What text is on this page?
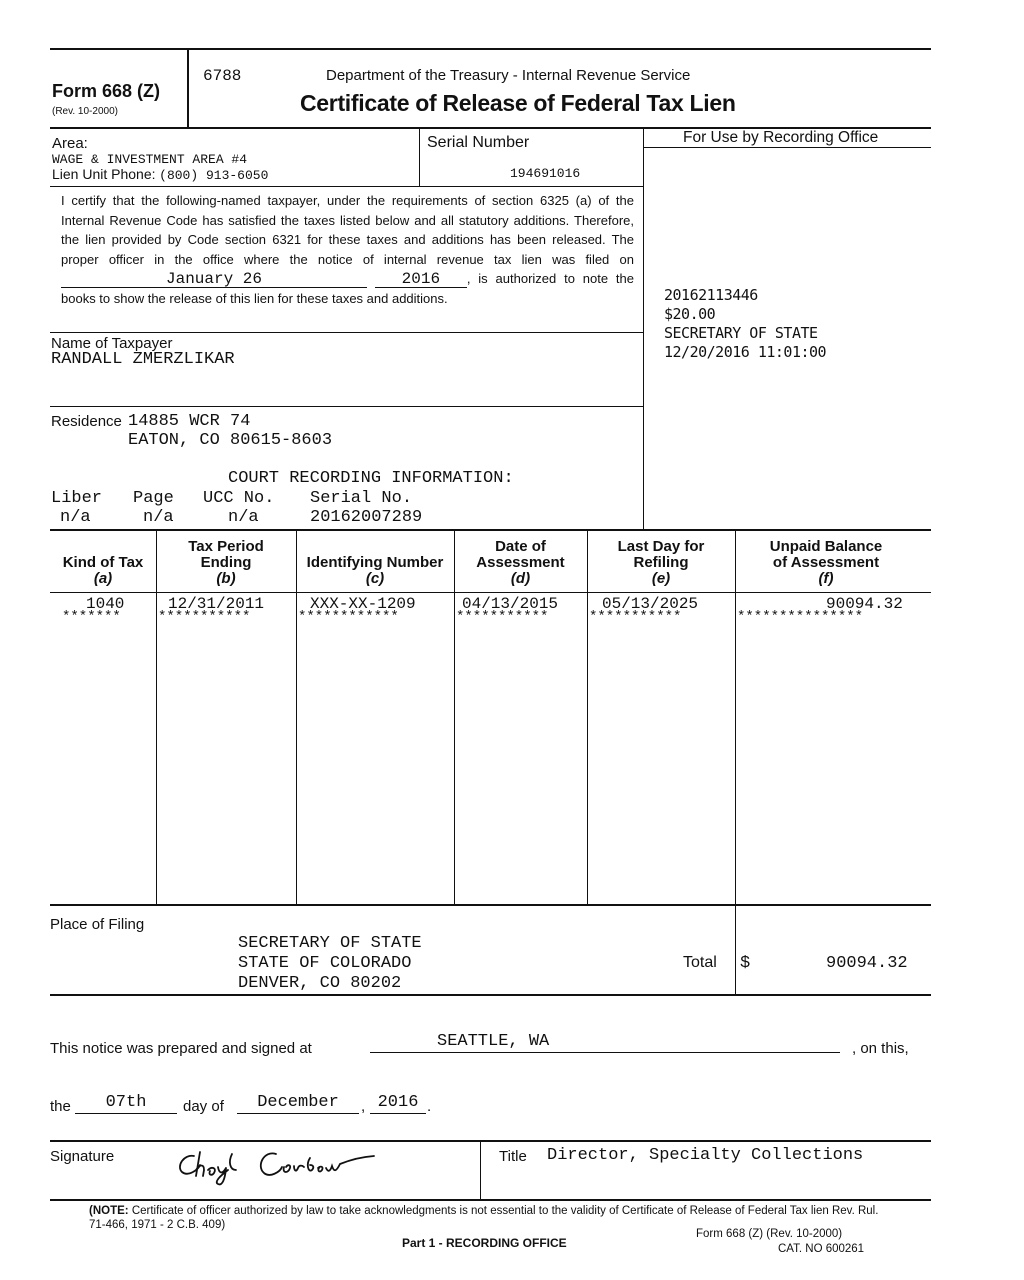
Form 668 (Z)
(Rev. 10-2000)
6788	Department of the Treasury - Internal Revenue Service
Certificate of Release of Federal Tax Lien
Area:
WAGE & INVESTMENT AREA #4
Lien Unit Phone: (800) 913-6050
Serial Number
194691016
For Use by Recording Office
20162113446
$20.00
SECRETARY OF STATE
12/20/2016 11:01:00
I certify that the following-named taxpayer, under the requirements of section 6325 (a) of the Internal Revenue Code has satisfied the taxes listed below and all statutory additions. Therefore, the lien provided by Code section 6321 for these taxes and additions has been released. The proper officer in the office where the notice of internal revenue tax lien was filed on January 26	2016 , is authorized to note the books to show the release of this lien for these taxes and additions.
Name of Taxpayer
RANDALL ZMERZLIKAR
Residence 14885 WCR 74
EATON, CO 80615-8603
COURT RECORDING INFORMATION:
Liber Page UCC No. Serial No.
n/a	n/a	n/a	20162007289
Kind of Tax
(a)
Tax Period
Ending
(b)
Identifying Number
(c)
Date of
Assessment
(d)
Last Day for
Refiling
(e)
Unpaid Balance
of Assessment
(f)
1040	12/31/2011	XXX-XX-1209	04/13/2015	05/13/2025	90094.32
*******	***********	************	***********	***********	***************
Place of Filing
SECRETARY OF STATE
STATE OF COLORADO
DENVER, CO 80202
Total $	90094.32
This notice was prepared and signed at	SEATTLE, WA	, on this,
the	07th	day of	December	, 2016 .
Signature	Title Director, Specialty Collections
(NOTE: Certificate of officer authorized by law to take acknowledgments is not essential to the validity of Certificate of Release of Federal Tax lien Rev. Rul. 71-466, 1971 - 2 C.B. 409)
Part 1 - RECORDING OFFICE
Form 668 (Z) (Rev. 10-2000)
CAT. NO 600261
